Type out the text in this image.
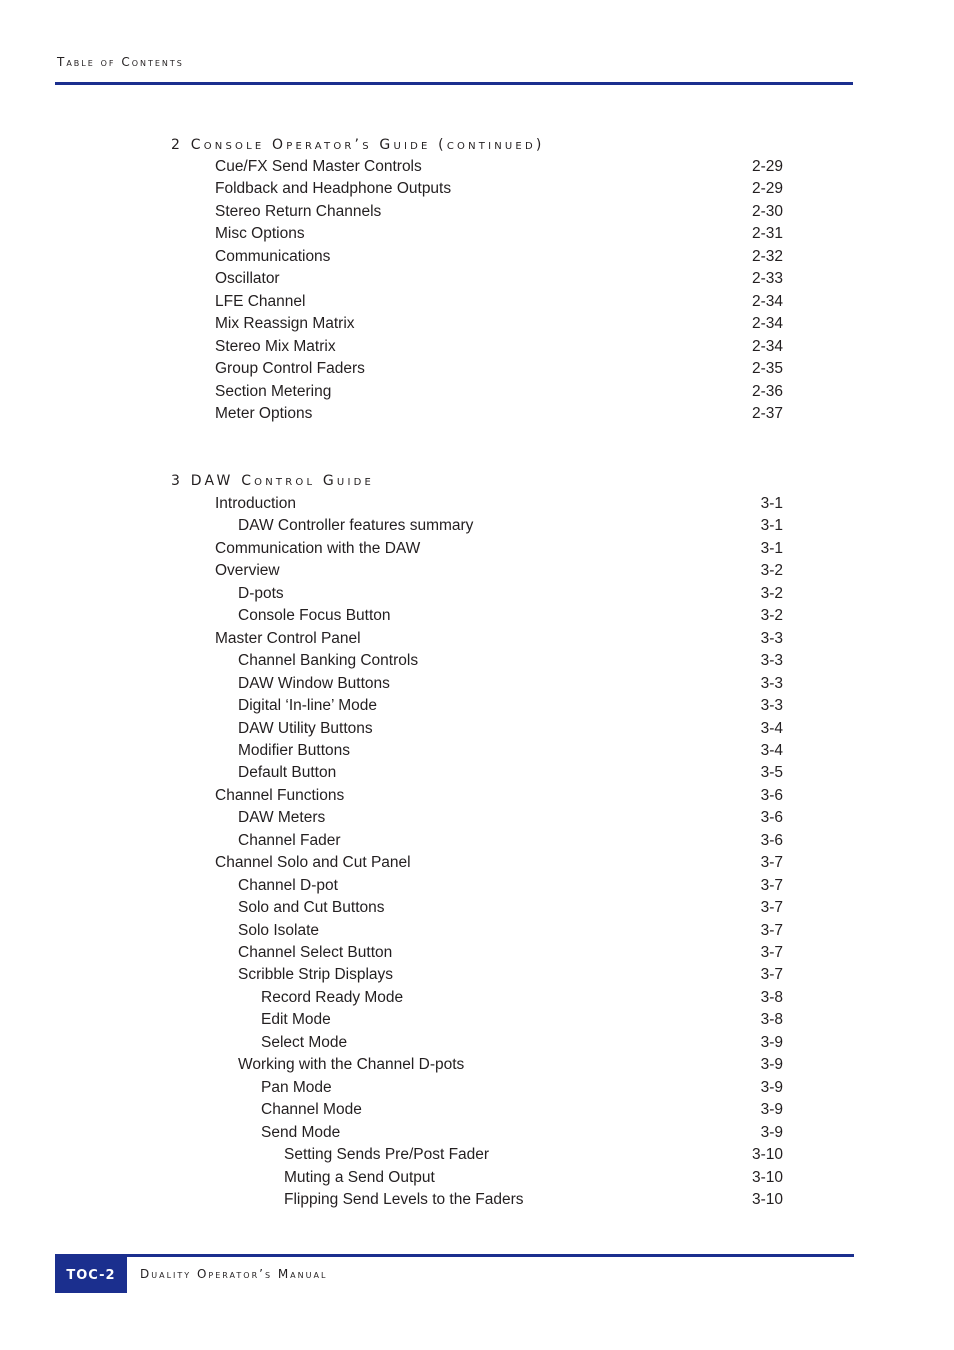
Table of Contents
2 Console Operator’s Guide (continued)
Cue/FX Send Master Controls	2-29
Foldback and Headphone Outputs	2-29
Stereo Return Channels	2-30
Misc Options	2-31
Communications	2-32
Oscillator	2-33
LFE Channel	2-34
Mix Reassign Matrix	2-34
Stereo Mix Matrix	2-34
Group Control Faders	2-35
Section Metering	2-36
Meter Options	2-37
3 DAW Control Guide
Introduction	3-1
DAW Controller features summary	3-1
Communication with the DAW	3-1
Overview	3-2
D-pots	3-2
Console Focus Button	3-2
Master Control Panel	3-3
Channel Banking Controls	3-3
DAW Window Buttons	3-3
Digital ‘In-line’ Mode	3-3
DAW Utility Buttons	3-4
Modifier Buttons	3-4
Default Button	3-5
Channel Functions	3-6
DAW Meters	3-6
Channel Fader	3-6
Channel Solo and Cut Panel	3-7
Channel D-pot	3-7
Solo and Cut Buttons	3-7
Solo Isolate	3-7
Channel Select Button	3-7
Scribble Strip Displays	3-7
Record Ready Mode	3-8
Edit Mode	3-8
Select Mode	3-9
Working with the Channel D-pots	3-9
Pan Mode	3-9
Channel Mode	3-9
Send Mode	3-9
Setting Sends Pre/Post Fader	3-10
Muting a Send Output	3-10
Flipping Send Levels to the Faders	3-10
TOC-2	Duality Operator’s Manual
